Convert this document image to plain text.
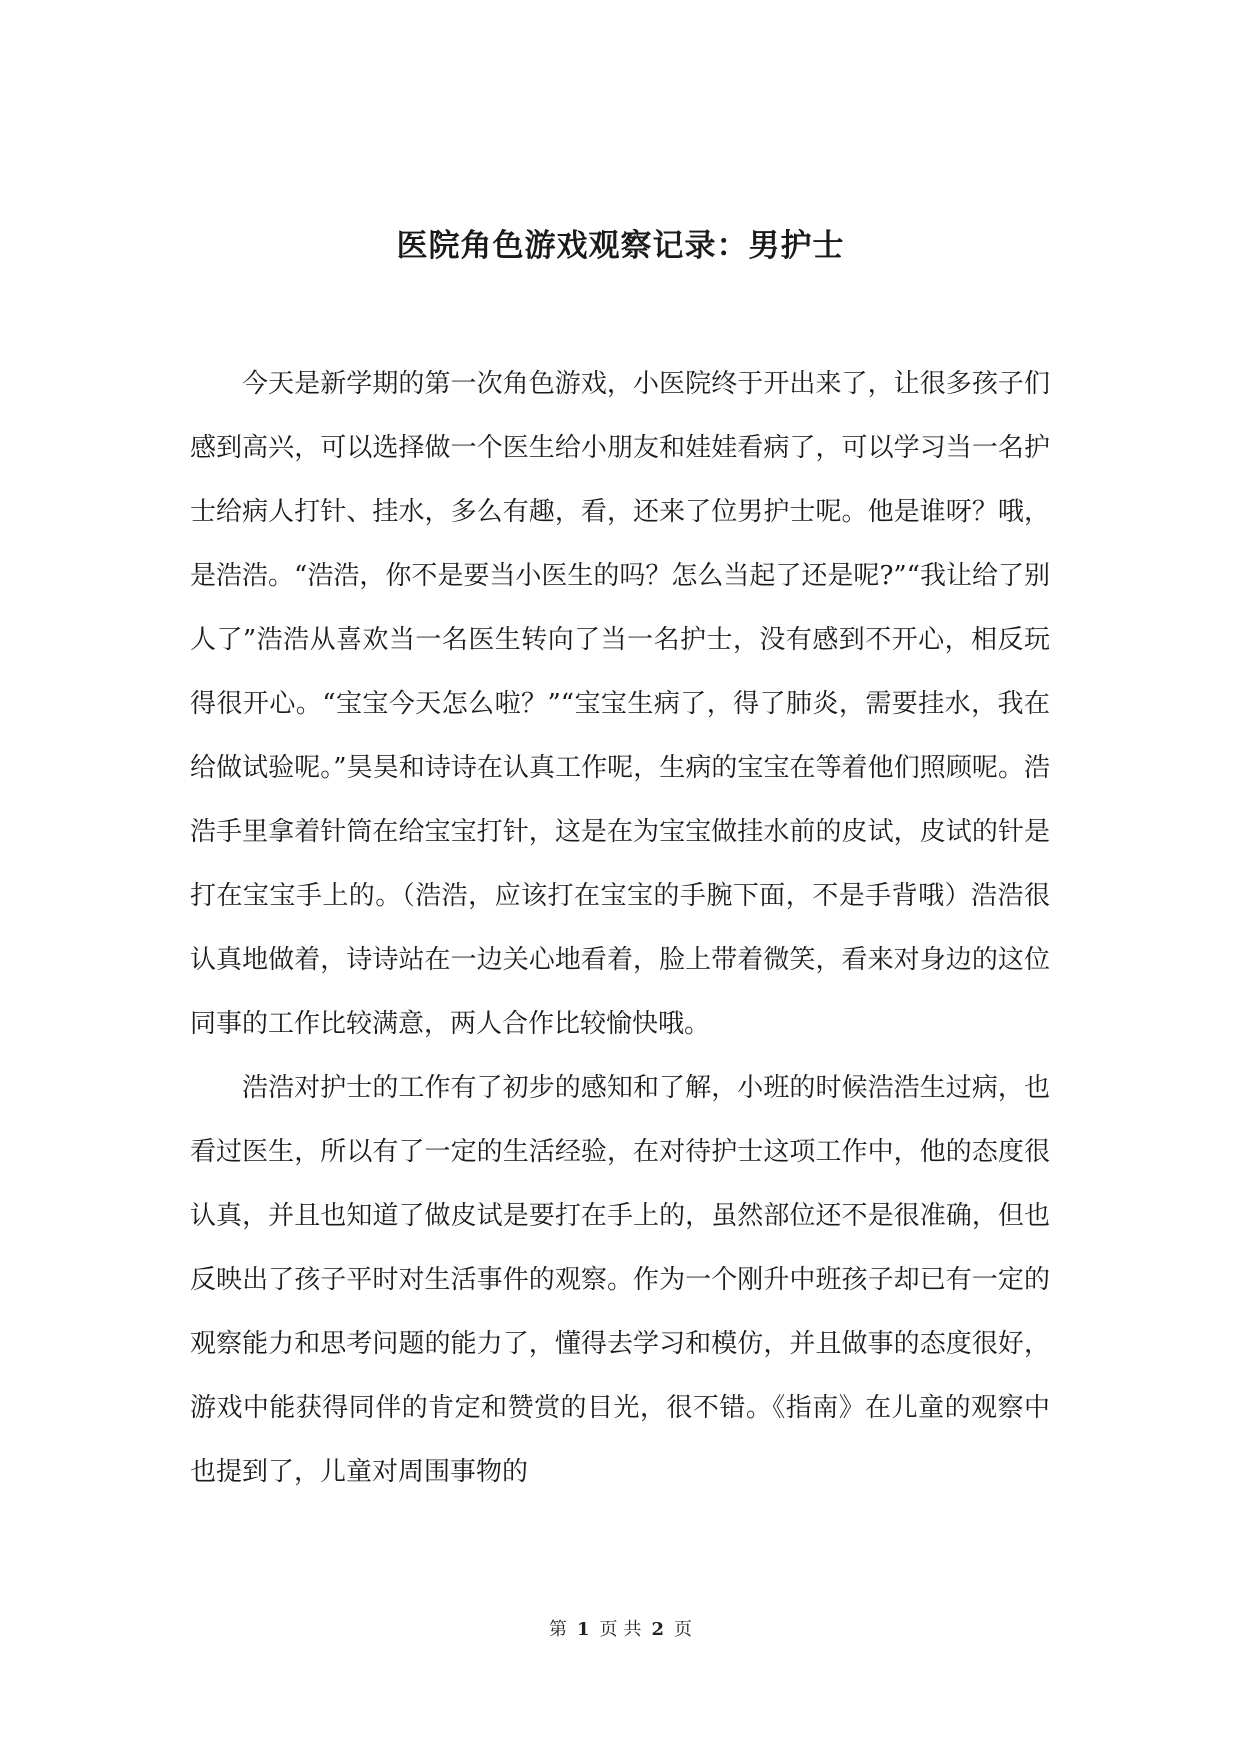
医院角色游戏观察记录：男护士

今天是新学期的第一次角色游戏，小医院终于开出来了，让很多孩子们感到高兴，可以选择做一个医生给小朋友和娃娃看病了，可以学习当一名护士给病人打针、挂水，多么有趣，看，还来了位男护士呢。他是谁呀？哦，是浩浩。“浩浩，你不是要当小医生的吗？怎么当起了还是呢?”“我让给了别人了”浩浩从喜欢当一名医生转向了当一名护士，没有感到不开心，相反玩得很开心。“宝宝今天怎么啦？”“宝宝生病了，得了肺炎，需要挂水，我在给做试验呢。”昊昊和诗诗在认真工作呢，生病的宝宝在等着他们照顾呢。浩浩手里拿着针筒在给宝宝打针，这是在为宝宝做挂水前的皮试，皮试的针是打在宝宝手上的。（浩浩，应该打在宝宝的手腕下面，不是手背哦）浩浩很认真地做着，诗诗站在一边关心地看着，脸上带着微笑，看来对身边的这位同事的工作比较满意，两人合作比较愉快哦。

浩浩对护士的工作有了初步的感知和了解，小班的时候浩浩生过病，也看过医生，所以有了一定的生活经验，在对待护士这项工作中，他的态度很认真，并且也知道了做皮试是要打在手上的，虽然部位还不是很准确，但也反映出了孩子平时对生活事件的观察。作为一个刚升中班孩子却已有一定的观察能力和思考问题的能力了，懂得去学习和模仿，并且做事的态度很好，游戏中能获得同伴的肯定和赞赏的目光，很不错。《指南》在儿童的观察中也提到了，儿童对周围事物的

第 1 页 共 2 页
